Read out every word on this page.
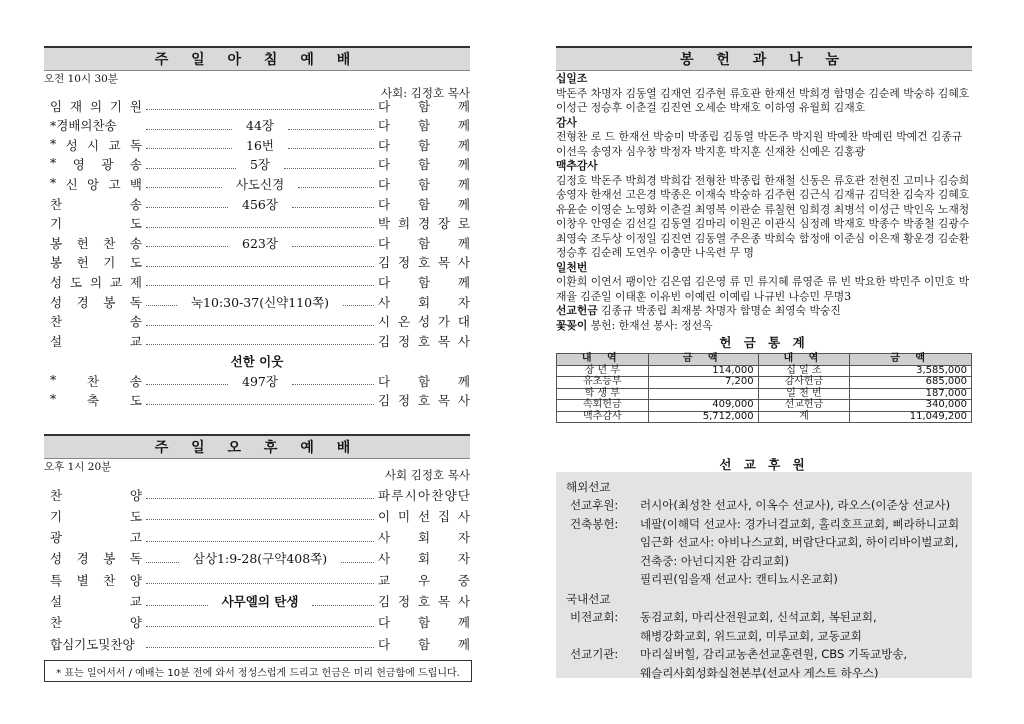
주 일 아 침 예 배
오전 10시 30분
사회: 김정호 목사
임 재 의 기 원	다 함 께
*경배의찬송	44장	다 함 께
* 성 시 교 독	16번	다 함 께
* 영 광 송	5장	다 함 께
* 신 앙 고 백	사도신경	다 함 께
찬	송	456장	다 함 께
기	도	박 희 경 장 로
봉 헌 찬 송	623장	다 함 께
봉 헌 기 도	김 정 호 목 사
성 도 의 교 제	다 함 께
성 경 봉 독	눅10:30-37(신약110쪽)	사 회 자
찬	송	시 온 성 가 대
설	교	김 정 호 목 사
선한 이웃
* 찬 송	497장	다 함 께
* 축 도	김 정 호 목 사
주 일 오 후 예 배
오후 1시 20분
사회 김정호 목사
찬	양	파 루 시 아 찬 양 단
기	도	이 미 선 집 사
광	고	사 회 자
성 경 봉 독	삼상1:9-28(구약408쪽)	사 회 자
특 별 찬 양	교 우 중
설	교	사무엘의 탄생	김 정 호 목 사
찬	양	다 함 께
합심기도및찬양	다 함 께
* 표는 일어서서 / 예배는 10분 전에 와서 정성스럽게 드리고 헌금은 미리 헌금함에 드립니다.
봉 헌 과 나 눔
십일조
박돈주 차명자 김동열 김재연 김주현 류호관 한재선 박희경 함명순 김순례 박숭하 김혜호 이성근 정승후 이춘걸 김진연 오세순 박재호 이하영 유월희 김재호
감사
전형찬 로 드 한재선 박숭미 박종립 김동열 박돈주 박지원 박예찬 박예린 박예건 김종규 이선옥 송영자 심우창 박정자 박지훈 박지훈 신재찬 신예은 김홍광
맥추감사
김정호 박돈주 박희경 박희갑 전형찬 박종립 한재철 신동은 류호관 전현진 고미나 김승희 송영자 한재선 고은경 박종은 이재숙 박숭하 김주현 김근식 김재규 김덕찬 김숙자 김혜호 유윤순 이영순 노영화 이춘걸 최영복 이관순 류칠현 임희경 최병석 이성근 박인옥 노재청 이창우 안영순 김선길 김동열 김마리 이원곤 이관식 심정례 박재호 박종수 박종철 김광수 최영숙 조두상 이정일 김진연 김동열 주은종 박희숙 함정애 이준심 이은재 황운경 김순환 정승후 김순례 도연우 이충만 나옥련 무 명
일천번
이환희 이연서 팽이안 김은엽 김은영 류 민 류지혜 류영준 류 빈 박요한 박민주 이민호 박재율 김준일 이태훈 이유빈 이예린 이예림 나규빈 나승민 무명3
선교헌금 김종규 박종립 최재봉 차명자 함명순 최영숙 박숭진
꽃꽂이 봉헌: 한재선 봉사: 정선옥
헌 금 통 계
내 역	금 액	내 역	금 액
장 년 부	114,000	십 일 조	3,585,000
유초등부	7,200	감사헌금	685,000
학 생 부		일 천 번	187,000
속회헌금	409,000	선교헌금	340,000
맥추감사	5,712,000	계	11,049,200
선 교 후 원
해외선교
선교후원: 러시아(최성찬 선교사, 이옥수 선교사), 라오스(이준상 선교사)
건축봉헌: 네팔(이해덕 선교사: 경가너걸교회, 홀리호프교회, 삐라하니교회
임근화 선교사: 아비나스교회, 버람단다교회, 하이리바이벌교회,
건축중: 아넌디지완 감리교회)
필리핀(임을재 선교사: 캔티뇨시온교회)
국내선교
비전교회: 동검교회, 마리산전원교회, 신석교회, 복된교회,
해병강화교회, 위드교회, 미루교회, 교동교회
선교기관: 마리실버힐, 감리교농촌선교훈련원, CBS 기독교방송,
웨슬리사회성화실천본부(선교사 게스트 하우스)
